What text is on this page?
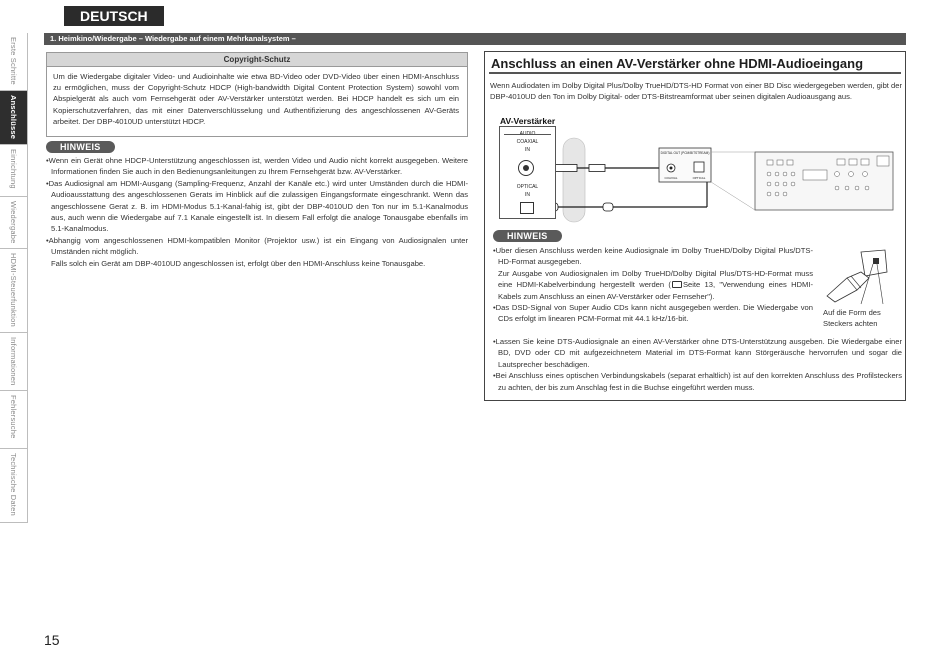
DEUTSCH
Erste Schritte
Anschlüsse
Einrichtung
Wiedergabe
HDMI-Steuerfunktion
Informationen
Fehlersuche
Technische Daten
1. Heimkino/Wiedergabe – Wiedergabe auf einem Mehrkanalsystem –
Copyright-Schutz
Um die Wiedergabe digitaler Video- und Audioinhalte wie etwa BD-Video oder DVD-Video über einen HDMI-Anschluss zu ermöglichen, muss der Copyright-Schutz HDCP (High-bandwidth Digital Content Protection System) sowohl vom Abspielgerät als auch vom Fernsehgerät oder AV-Verstärker unterstützt werden. Bei HDCP handelt es sich um ein Kopierschutzverfahren, das mit einer Datenverschlüsselung und Authentifizierung des angeschlossenen AV-Geräts arbeitet. Der DBP-4010UD unterstützt HDCP.
HINWEIS
• Wenn ein Gerät ohne HDCP-Unterstützung angeschlossen ist, werden Video und Audio nicht korrekt ausgegeben. Weitere Informationen finden Sie auch in den Bedienungsanleitungen zu Ihrem Fernsehgerät bzw. AV-Verstärker.
• Das Audiosignal am HDMI-Ausgang (Sampling-Frequenz, Anzahl der Kanäle etc.) wird unter Umständen durch die HDMI-Audioausstattung des angeschlossenen Gerats im Hinblick auf die zulassigen Eingangsformate eingeschrankt. Wenn das angeschlossene Gerat z. B. im HDMI-Modus 5.1-Kanal-fahig ist, gibt der DBP-4010UD den Ton nur im 5.1-Kanalmodus aus, auch wenn die Wiedergabe auf 7.1 Kanale eingestellt ist. In diesem Fall erfolgt die analoge Tonausgabe ebenfalls im 5.1-Kanalmodus.
• Abhangig vom angeschlossenen HDMI-kompatiblen Monitor (Projektor usw.) ist ein Eingang von Audiosignalen unter Umständen nicht möglich.
Falls solch ein Gerät am DBP-4010UD angeschlossen ist, erfolgt über den HDMI-Anschluss keine Tonausgabe.
Anschluss an einen AV-Verstärker ohne HDMI-Audioeingang
Wenn Audiodaten im Dolby Digital Plus/Dolby TrueHD/DTS-HD Format von einer BD Disc wiedergegeben werden, gibt der DBP-4010UD den Ton im Dolby Digital- oder DTS-Bitstreamformat uber seinen digitalen Audioausgang aus.
DIGITAL OUT (PCM/BITSTREAM)
COAXIAL	OPTICAL
AV-Verstärker
AUDIO
COAXIAL
IN
OPTICAL
IN
HINWEIS
• Uber diesen Anschluss werden keine Audiosignale im Dolby TrueHD/Dolby Digital Plus/DTS-HD-Format ausgegeben.
Zur Ausgabe von Audiosignalen im Dolby TrueHD/Dolby Digital Plus/DTS-HD-Format muss eine HDMI-Kabelverbindung hergestellt werden ( Seite 13, "Verwendung eines HDMI-Kabels zum Anschluss an einen AV-Verstärker oder Fernseher").
• Das DSD-Signal von Super Audio CDs kann nicht ausgegeben werden. Die Wiedergabe von CDs erfolgt im linearen PCM-Format mit 44.1 kHz/16-bit.
• Lassen Sie keine DTS-Audiosignale an einen AV-Verstärker ohne DTS-Unterstützung ausgeben. Die Wiedergabe einer BD, DVD oder CD mit aufgezeichnetem Material im DTS-Format kann Störgeräusche hervorrufen und sogar die Lautsprecher beschädigen.
• Bei Anschluss eines optischen Verbindungskabels (separat erhaltlich) ist auf den korrekten Anschluss des Profilsteckers zu achten, der bis zum Anschlag fest in die Buchse eingeführt werden muss.
Auf die Form des Steckers achten
15
